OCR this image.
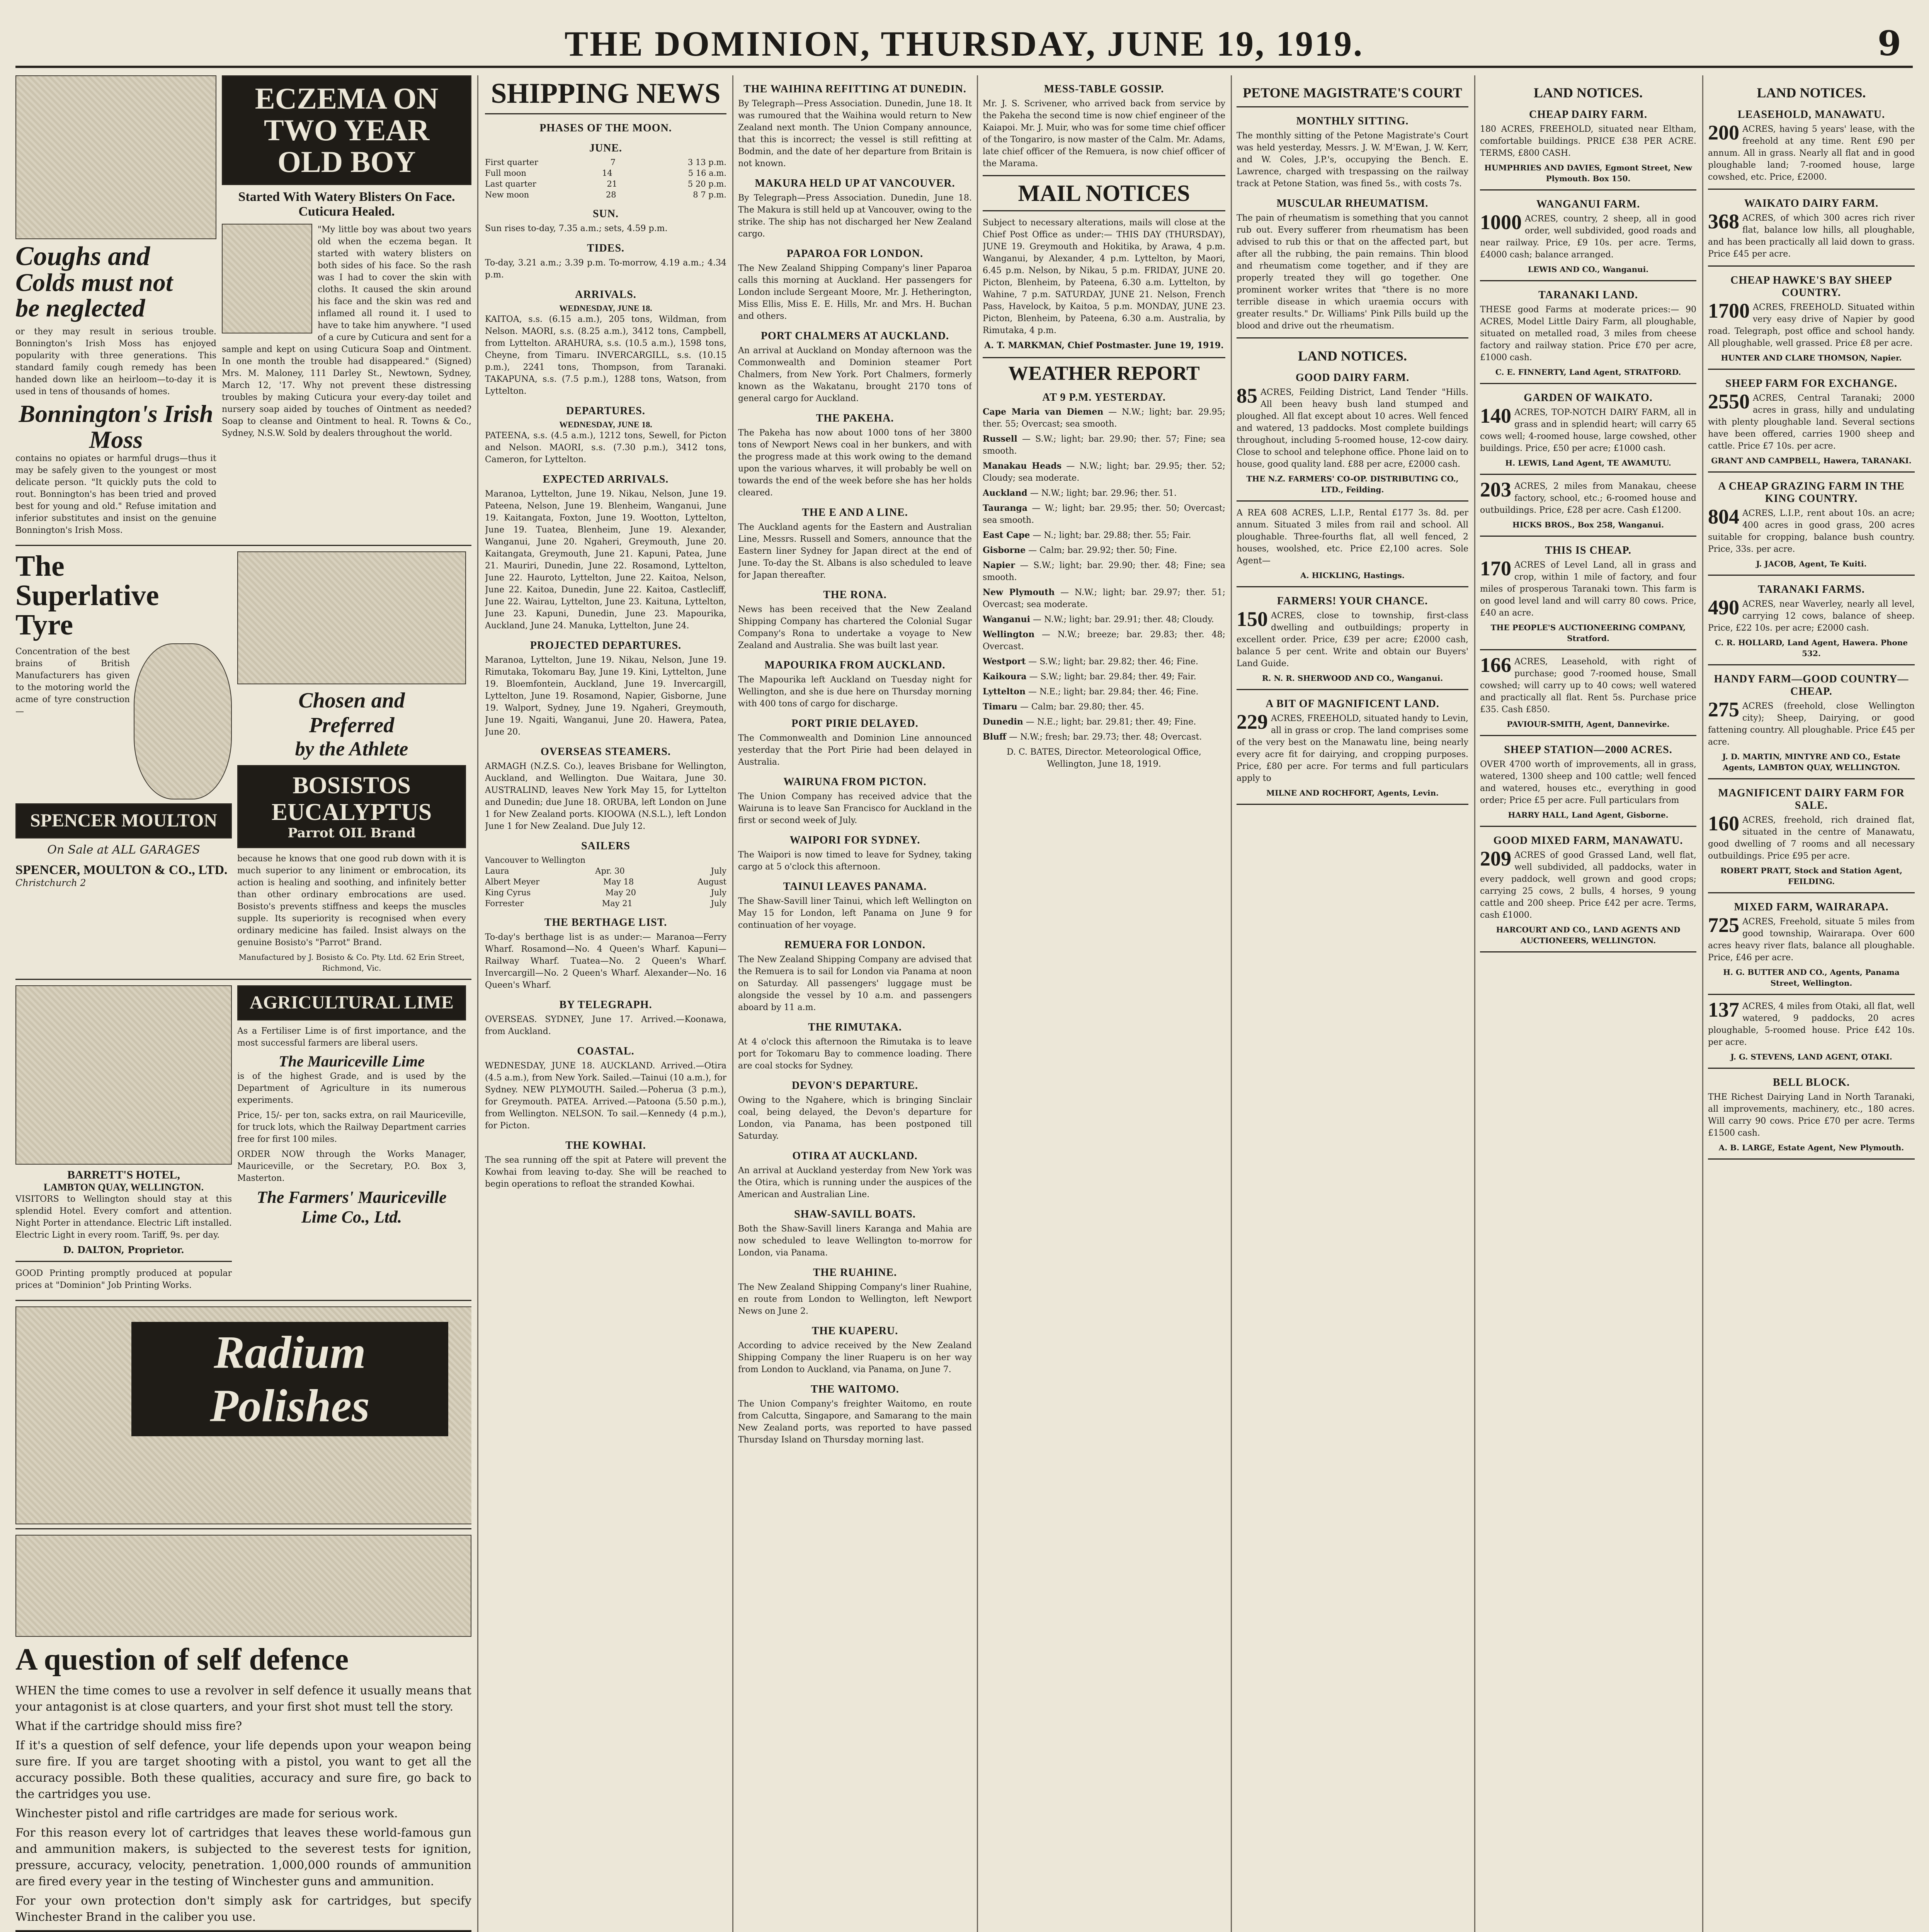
THE DOMINION, THURSDAY, JUNE 19, 1919.	9
Coughs and
Colds must not
be neglected
or they may result in serious trouble. Bonnington's Irish Moss has enjoyed popularity with three generations. This standard family cough remedy has been handed down like an heirloom—to-day it is used in tens of thousands of homes.
Bonnington's Irish Moss
contains no opiates or harmful drugs—thus it may be safely given to the youngest or most delicate person. "It quickly puts the cold to rout. Bonnington's has been tried and proved best for young and old." Refuse imitation and inferior substitutes and insist on the genuine Bonnington's Irish Moss.
ECZEMA ON TWO YEAR OLD BOY
Started With Watery Blisters On Face. Cuticura Healed.
"My little boy was about two years old when the eczema began. It started with watery blisters on both sides of his face. So the rash was I had to cover the skin with cloths. It caused the skin around his face and the skin was red and inflamed all round it. I used to have to take him anywhere. "I used of a cure by Cuticura and sent for a sample and kept on using Cuticura Soap and Ointment. In one month the trouble had disappeared." (Signed) Mrs. M. Maloney, 111 Darley St., Newtown, Sydney, March 12, '17. Why not prevent these distressing troubles by making Cuticura your every-day toilet and nursery soap aided by touches of Ointment as needed? Soap to cleanse and Ointment to heal. R. Towns & Co., Sydney, N.S.W. Sold by dealers throughout the world.
The
Superlative
Tyre
Concentration of the best brains of British Manufacturers has given to the motoring world the acme of tyre construction—
SPENCER MOULTON
On Sale at ALL GARAGES
SPENCER, MOULTON & CO., LTD.
Christchurch 2
Chosen and
Preferred
by the Athlete
BOSISTOS EUCALYPTUS
Parrot OIL Brand
because he knows that one good rub down with it is much superior to any liniment or embrocation, its action is healing and soothing, and infinitely better than other ordinary embrocations are used. Bosisto's prevents stiffness and keeps the muscles supple. Its superiority is recognised when every ordinary medicine has failed. Insist always on the genuine Bosisto's "Parrot" Brand.
Manufactured by J. Bosisto & Co. Pty. Ltd. 62 Erin Street, Richmond, Vic.
BARRETT'S HOTEL,
LAMBTON QUAY, WELLINGTON.
VISITORS to Wellington should stay at this splendid Hotel. Every comfort and attention. Night Porter in attendance. Electric Lift installed. Electric Light in every room. Tariff, 9s. per day.
D. DALTON, Proprietor.
GOOD Printing promptly produced at popular prices at "Dominion" Job Printing Works.
AGRICULTURAL LIME
As a Fertiliser Lime is of first importance, and the most successful farmers are liberal users.
The Mauriceville Lime
is of the highest Grade, and is used by the Department of Agriculture in its numerous experiments.
Price, 15/- per ton, sacks extra, on rail Mauriceville, for truck lots, which the Railway Department carries free for first 100 miles.
ORDER NOW through the Works Manager, Mauriceville, or the Secretary, P.O. Box 3, Masterton.
The Farmers' Mauriceville Lime Co., Ltd.
Radium Polishes
A question of self defence
WHEN the time comes to use a revolver in self defence it usually means that your antagonist is at close quarters, and your first shot must tell the story.
What if the cartridge should miss fire?
If it's a question of self defence, your life depends upon your weapon being sure fire. If you are target shooting with a pistol, you want to get all the accuracy possible. Both these qualities, accuracy and sure fire, go back to the cartridges you use.
Winchester pistol and rifle cartridges are made for serious work.
For this reason every lot of cartridges that leaves these world-famous gun and ammunition makers, is subjected to the severest tests for ignition, pressure, accuracy, velocity, penetration. 1,000,000 rounds of ammunition are fired every year in the testing of Winchester guns and ammunition.
For your own protection don't simply ask for cartridges, but specify Winchester Brand in the caliber you use.
SHIPPING NEWS
PHASES OF THE MOON.
JUNE.
First quarter	7	3 13 p.m.
Full moon	14	5 16 a.m.
Last quarter	21	5 20 p.m.
New moon	28	8 7 p.m.
SUN.
Sun rises to-day, 7.35 a.m.; sets, 4.59 p.m.
TIDES.
To-day, 3.21 a.m.; 3.39 p.m. To-morrow, 4.19 a.m.; 4.34 p.m.
ARRIVALS.
WEDNESDAY, JUNE 18.
KAITOA, s.s. (6.15 a.m.), 205 tons, Wildman, from Nelson. MAORI, s.s. (8.25 a.m.), 3412 tons, Campbell, from Lyttelton. ARAHURA, s.s. (10.5 a.m.), 1598 tons, Cheyne, from Timaru. INVERCARGILL, s.s. (10.15 p.m.), 2241 tons, Thompson, from Taranaki. TAKAPUNA, s.s. (7.5 p.m.), 1288 tons, Watson, from Lyttelton.
DEPARTURES.
WEDNESDAY, JUNE 18.
PATEENA, s.s. (4.5 a.m.), 1212 tons, Sewell, for Picton and Nelson. MAORI, s.s. (7.30 p.m.), 3412 tons, Cameron, for Lyttelton.
EXPECTED ARRIVALS.
Maranoa, Lyttelton, June 19. Nikau, Nelson, June 19. Pateena, Nelson, June 19. Blenheim, Wanganui, June 19. Kaitangata, Foxton, June 19. Wootton, Lyttelton, June 19. Tuatea, Blenheim, June 19. Alexander, Wanganui, June 20. Ngaheri, Greymouth, June 20. Kaitangata, Greymouth, June 21. Kapuni, Patea, June 21. Mauriri, Dunedin, June 22. Rosamond, Lyttelton, June 22. Hauroto, Lyttelton, June 22. Kaitoa, Nelson, June 22. Kaitoa, Dunedin, June 22. Kaitoa, Castlecliff, June 22. Wairau, Lyttelton, June 23. Kaituna, Lyttelton, June 23. Kapuni, Dunedin, June 23. Mapourika, Auckland, June 24. Manuka, Lyttelton, June 24.
PROJECTED DEPARTURES.
Maranoa, Lyttelton, June 19. Nikau, Nelson, June 19. Rimutaka, Tokomaru Bay, June 19. Kini, Lyttelton, June 19. Bloemfontein, Auckland, June 19. Invercargill, Lyttelton, June 19. Rosamond, Napier, Gisborne, June 19. Walport, Sydney, June 19. Ngaheri, Greymouth, June 19. Ngaiti, Wanganui, June 20. Hawera, Patea, June 20.
OVERSEAS STEAMERS.
ARMAGH (N.Z.S. Co.), leaves Brisbane for Wellington, Auckland, and Wellington. Due Waitara, June 30. AUSTRALIND, leaves New York May 15, for Lyttelton and Dunedin; due June 18. ORUBA, left London on June 1 for New Zealand ports. KIOOWA (N.S.L.), left London June 1 for New Zealand. Due July 12.
SAILERS
Vancouver to Wellington
Laura	Apr. 30	July
Albert Meyer	May 18	August
King Cyrus	May 20	July
Forrester	May 21	July
THE BERTHAGE LIST.
To-day's berthage list is as under:— Maranoa—Ferry Wharf. Rosamond—No. 4 Queen's Wharf. Kapuni—Railway Wharf. Tuatea—No. 2 Queen's Wharf. Invercargill—No. 2 Queen's Wharf. Alexander—No. 16 Queen's Wharf.
BY TELEGRAPH.
OVERSEAS. SYDNEY, June 17. Arrived.—Koonawa, from Auckland.
COASTAL.
WEDNESDAY, JUNE 18. AUCKLAND. Arrived.—Otira (4.5 a.m.), from New York. Sailed.—Tainui (10 a.m.), for Sydney. NEW PLYMOUTH. Sailed.—Poherua (3 p.m.), for Greymouth. PATEA. Arrived.—Patoona (5.50 p.m.), from Wellington. NELSON. To sail.—Kennedy (4 p.m.), for Picton.
THE KOWHAI.
The sea running off the spit at Patere will prevent the Kowhai from leaving to-day. She will be reached to begin operations to refloat the stranded Kowhai.
THE WAIHINA REFITTING AT DUNEDIN.
By Telegraph—Press Association. Dunedin, June 18. It was rumoured that the Waihina would return to New Zealand next month. The Union Company announce, that this is incorrect; the vessel is still refitting at Bodmin, and the date of her departure from Britain is not known.
MAKURA HELD UP AT VANCOUVER.
By Telegraph—Press Association. Dunedin, June 18. The Makura is still held up at Vancouver, owing to the strike. The ship has not discharged her New Zealand cargo.
PAPAROA FOR LONDON.
The New Zealand Shipping Company's liner Paparoa calls this morning at Auckland. Her passengers for London include Sergeant Moore, Mr. J. Hetherington, Miss Ellis, Miss E. E. Hills, Mr. and Mrs. H. Buchan and others.
PORT CHALMERS AT AUCKLAND.
An arrival at Auckland on Monday afternoon was the Commonwealth and Dominion steamer Port Chalmers, from New York. Port Chalmers, formerly known as the Wakatanu, brought 2170 tons of general cargo for Auckland.
THE PAKEHA.
The Pakeha has now about 1000 tons of her 3800 tons of Newport News coal in her bunkers, and with the progress made at this work owing to the demand upon the various wharves, it will probably be well on towards the end of the week before she has her holds cleared.
THE E AND A LINE.
The Auckland agents for the Eastern and Australian Line, Messrs. Russell and Somers, announce that the Eastern liner Sydney for Japan direct at the end of June. To-day the St. Albans is also scheduled to leave for Japan thereafter.
THE RONA.
News has been received that the New Zealand Shipping Company has chartered the Colonial Sugar Company's Rona to undertake a voyage to New Zealand and Australia. She was built last year.
MAPOURIKA FROM AUCKLAND.
The Mapourika left Auckland on Tuesday night for Wellington, and she is due here on Thursday morning with 400 tons of cargo for discharge.
PORT PIRIE DELAYED.
The Commonwealth and Dominion Line announced yesterday that the Port Pirie had been delayed in Australia.
WAIRUNA FROM PICTON.
The Union Company has received advice that the Wairuna is to leave San Francisco for Auckland in the first or second week of July.
WAIPORI FOR SYDNEY.
The Waipori is now timed to leave for Sydney, taking cargo at 5 o'clock this afternoon.
TAINUI LEAVES PANAMA.
The Shaw-Savill liner Tainui, which left Wellington on May 15 for London, left Panama on June 9 for continuation of her voyage.
REMUERA FOR LONDON.
The New Zealand Shipping Company are advised that the Remuera is to sail for London via Panama at noon on Saturday. All passengers' luggage must be alongside the vessel by 10 a.m. and passengers aboard by 11 a.m.
THE RIMUTAKA.
At 4 o'clock this afternoon the Rimutaka is to leave port for Tokomaru Bay to commence loading. There are coal stocks for Sydney.
DEVON'S DEPARTURE.
Owing to the Ngahere, which is bringing Sinclair coal, being delayed, the Devon's departure for London, via Panama, has been postponed till Saturday.
OTIRA AT AUCKLAND.
An arrival at Auckland yesterday from New York was the Otira, which is running under the auspices of the American and Australian Line.
SHAW-SAVILL BOATS.
Both the Shaw-Savill liners Karanga and Mahia are now scheduled to leave Wellington to-morrow for London, via Panama.
THE RUAHINE.
The New Zealand Shipping Company's liner Ruahine, en route from London to Wellington, left Newport News on June 2.
THE KUAPERU.
According to advice received by the New Zealand Shipping Company the liner Ruaperu is on her way from London to Auckland, via Panama, on June 7.
THE WAITOMO.
The Union Company's freighter Waitomo, en route from Calcutta, Singapore, and Samarang to the main New Zealand ports, was reported to have passed Thursday Island on Thursday morning last.
MESS-TABLE GOSSIP.
Mr. J. S. Scrivener, who arrived back from service by the Pakeha the second time is now chief engineer of the Kaiapoi. Mr. J. Muir, who was for some time chief officer of the Tongariro, is now master of the Calm. Mr. Adams, late chief officer of the Remuera, is now chief officer of the Marama.
MAIL NOTICES
Subject to necessary alterations, mails will close at the Chief Post Office as under:— THIS DAY (THURSDAY), JUNE 19. Greymouth and Hokitika, by Arawa, 4 p.m. Wanganui, by Alexander, 4 p.m. Lyttelton, by Maori, 6.45 p.m. Nelson, by Nikau, 5 p.m. FRIDAY, JUNE 20. Picton, Blenheim, by Pateena, 6.30 a.m. Lyttelton, by Wahine, 7 p.m. SATURDAY, JUNE 21. Nelson, French Pass, Havelock, by Kaitoa, 5 p.m. MONDAY, JUNE 23. Picton, Blenheim, by Pateena, 6.30 a.m. Australia, by Rimutaka, 4 p.m.
A. T. MARKMAN, Chief Postmaster. June 19, 1919.
WEATHER REPORT
AT 9 P.M. YESTERDAY.
Cape Maria van Diemen — N.W.; light; bar. 29.95; ther. 55; Overcast; sea smooth.
Russell — S.W.; light; bar. 29.90; ther. 57; Fine; sea smooth.
Manakau Heads — N.W.; light; bar. 29.95; ther. 52; Cloudy; sea moderate.
Auckland — N.W.; light; bar. 29.96; ther. 51.
Tauranga — W.; light; bar. 29.95; ther. 50; Overcast; sea smooth.
East Cape — N.; light; bar. 29.88; ther. 55; Fair.
Gisborne — Calm; bar. 29.92; ther. 50; Fine.
Napier — S.W.; light; bar. 29.90; ther. 48; Fine; sea smooth.
New Plymouth — N.W.; light; bar. 29.97; ther. 51; Overcast; sea moderate.
Wanganui — N.W.; light; bar. 29.91; ther. 48; Cloudy.
Wellington — N.W.; breeze; bar. 29.83; ther. 48; Overcast.
Westport — S.W.; light; bar. 29.82; ther. 46; Fine.
Kaikoura — S.W.; light; bar. 29.84; ther. 49; Fair.
Lyttelton — N.E.; light; bar. 29.84; ther. 46; Fine.
Timaru — Calm; bar. 29.80; ther. 45.
Dunedin — N.E.; light; bar. 29.81; ther. 49; Fine.
Bluff — N.W.; fresh; bar. 29.73; ther. 48; Overcast.
D. C. BATES, Director. Meteorological Office, Wellington, June 18, 1919.
PETONE MAGISTRATE'S COURT
MONTHLY SITTING.
The monthly sitting of the Petone Magistrate's Court was held yesterday, Messrs. J. W. M'Ewan, J. W. Kerr, and W. Coles, J.P.'s, occupying the Bench. E. Lawrence, charged with trespassing on the railway track at Petone Station, was fined 5s., with costs 7s.
MUSCULAR RHEUMATISM.
The pain of rheumatism is something that you cannot rub out. Every sufferer from rheumatism has been advised to rub this or that on the affected part, but after all the rubbing, the pain remains. Thin blood and rheumatism come together, and if they are properly treated they will go together. One prominent worker writes that "there is no more terrible disease in which uraemia occurs with greater results." Dr. Williams' Pink Pills build up the blood and drive out the rheumatism.
LAND NOTICES.
GOOD DAIRY FARM.
85 ACRES, Feilding District, Land Tender "Hills. All been heavy bush land stumped and ploughed. All flat except about 10 acres. Well fenced and watered, 13 paddocks. Most complete buildings throughout, including 5-roomed house, 12-cow dairy. Close to school and telephone office. Phone laid on to house, good quality land. £88 per acre, £2000 cash.
THE N.Z. FARMERS' CO-OP. DISTRIBUTING CO., LTD., Feilding.
A REA 608 ACRES, L.I.P., Rental £177 3s. 8d. per annum. Situated 3 miles from rail and school. All ploughable. Three-fourths flat, all well fenced, 2 houses, woolshed, etc. Price £2,100 acres. Sole Agent—
A. HICKLING, Hastings.
FARMERS! YOUR CHANCE.
150 ACRES, close to township, first-class dwelling and outbuildings; property in excellent order. Price, £39 per acre; £2000 cash, balance 5 per cent. Write and obtain our Buyers' Land Guide.
R. N. R. SHERWOOD AND CO., Wanganui.
A BIT OF MAGNIFICENT LAND.
229 ACRES, FREEHOLD, situated handy to Levin, all in grass or crop. The land comprises some of the very best on the Manawatu line, being nearly every acre fit for dairying, and cropping purposes. Price, £80 per acre. For terms and full particulars apply to
MILNE AND ROCHFORT, Agents, Levin.
LAND NOTICES.
CHEAP DAIRY FARM.
180 ACRES, FREEHOLD, situated near Eltham, comfortable buildings. PRICE £38 PER ACRE. TERMS, £800 CASH.
HUMPHRIES AND DAVIES, Egmont Street, New Plymouth. Box 150.
WANGANUI FARM.
1000 ACRES, country, 2 sheep, all in good order, well subdivided, good roads and near railway. Price, £9 10s. per acre. Terms, £4000 cash; balance arranged.
LEWIS AND CO., Wanganui.
TARANAKI LAND.
THESE good Farms at moderate prices:— 90 ACRES, Model Little Dairy Farm, all ploughable, situated on metalled road, 3 miles from cheese factory and railway station. Price £70 per acre, £1000 cash.
C. E. FINNERTY, Land Agent, STRATFORD.
GARDEN OF WAIKATO.
140 ACRES, TOP-NOTCH DAIRY FARM, all in grass and in splendid heart; will carry 65 cows well; 4-roomed house, large cowshed, other buildings. Price, £50 per acre; £1000 cash.
H. LEWIS, Land Agent, TE AWAMUTU.
203 ACRES, 2 miles from Manakau, cheese factory, school, etc.; 6-roomed house and outbuildings. Price, £28 per acre. Cash £1200.
HICKS BROS., Box 258, Wanganui.
THIS IS CHEAP.
170 ACRES of Level Land, all in grass and crop, within 1 mile of factory, and four miles of prosperous Taranaki town. This farm is on good level land and will carry 80 cows. Price, £40 an acre.
THE PEOPLE'S AUCTIONEERING COMPANY, Stratford.
166 ACRES, Leasehold, with right of purchase; good 7-roomed house, Small cowshed; will carry up to 40 cows; well watered and practically all flat. Rent 5s. Purchase price £35. Cash £850.
PAVIOUR-SMITH, Agent, Dannevirke.
SHEEP STATION—2000 ACRES.
OVER 4700 worth of improvements, all in grass, watered, 1300 sheep and 100 cattle; well fenced and watered, houses etc., everything in good order; Price £5 per acre. Full particulars from
HARRY HALL, Land Agent, Gisborne.
GOOD MIXED FARM, MANAWATU.
209 ACRES of good Grassed Land, well flat, well subdivided, all paddocks, water in every paddock, well grown and good crops; carrying 25 cows, 2 bulls, 4 horses, 9 young cattle and 200 sheep. Price £42 per acre. Terms, cash £1000.
HARCOURT AND CO., LAND AGENTS AND AUCTIONEERS, WELLINGTON.
LAND NOTICES.
LEASEHOLD, MANAWATU.
200 ACRES, having 5 years' lease, with the freehold at any time. Rent £90 per annum. All in grass. Nearly all flat and in good ploughable land; 7-roomed house, large cowshed, etc. Price, £2000.
WAIKATO DAIRY FARM.
368 ACRES, of which 300 acres rich river flat, balance low hills, all ploughable, and has been practically all laid down to grass. Price £45 per acre.
CHEAP HAWKE'S BAY SHEEP COUNTRY.
1700 ACRES, FREEHOLD. Situated within very easy drive of Napier by good road. Telegraph, post office and school handy. All ploughable, well grassed. Price £8 per acre.
HUNTER AND CLARE THOMSON, Napier.
SHEEP FARM FOR EXCHANGE.
2550 ACRES, Central Taranaki; 2000 acres in grass, hilly and undulating with plenty ploughable land. Several sections have been offered, carries 1900 sheep and cattle. Price £7 10s. per acre.
GRANT AND CAMPBELL, Hawera, TARANAKI.
A CHEAP GRAZING FARM IN THE KING COUNTRY.
804 ACRES, L.I.P., rent about 10s. an acre; 400 acres in good grass, 200 acres suitable for cropping, balance bush country. Price, 33s. per acre.
J. JACOB, Agent, Te Kuiti.
TARANAKI FARMS.
490 ACRES, near Waverley, nearly all level, carrying 12 cows, balance of sheep. Price, £22 10s. per acre; £2000 cash.
C. R. HOLLARD, Land Agent, Hawera. Phone 532.
HANDY FARM—GOOD COUNTRY—CHEAP.
275 ACRES (freehold, close Wellington city); Sheep, Dairying, or good fattening country. All ploughable. Price £45 per acre.
J. D. MARTIN, MINTYRE AND CO., Estate Agents, LAMBTON QUAY, WELLINGTON.
MAGNIFICENT DAIRY FARM FOR SALE.
160 ACRES, freehold, rich drained flat, situated in the centre of Manawatu, good dwelling of 7 rooms and all necessary outbuildings. Price £95 per acre.
ROBERT PRATT, Stock and Station Agent, FEILDING.
MIXED FARM, WAIRARAPA.
725 ACRES, Freehold, situate 5 miles from good township, Wairarapa. Over 600 acres heavy river flats, balance all ploughable. Price, £46 per acre.
H. G. BUTTER AND CO., Agents, Panama Street, Wellington.
137 ACRES, 4 miles from Otaki, all flat, well watered, 9 paddocks, 20 acres ploughable, 5-roomed house. Price £42 10s. per acre.
J. G. STEVENS, LAND AGENT, OTAKI.
BELL BLOCK.
THE Richest Dairying Land in North Taranaki, all improvements, machinery, etc., 180 acres. Will carry 90 cows. Price £70 per acre. Terms £1500 cash.
A. B. LARGE, Estate Agent, New Plymouth.
